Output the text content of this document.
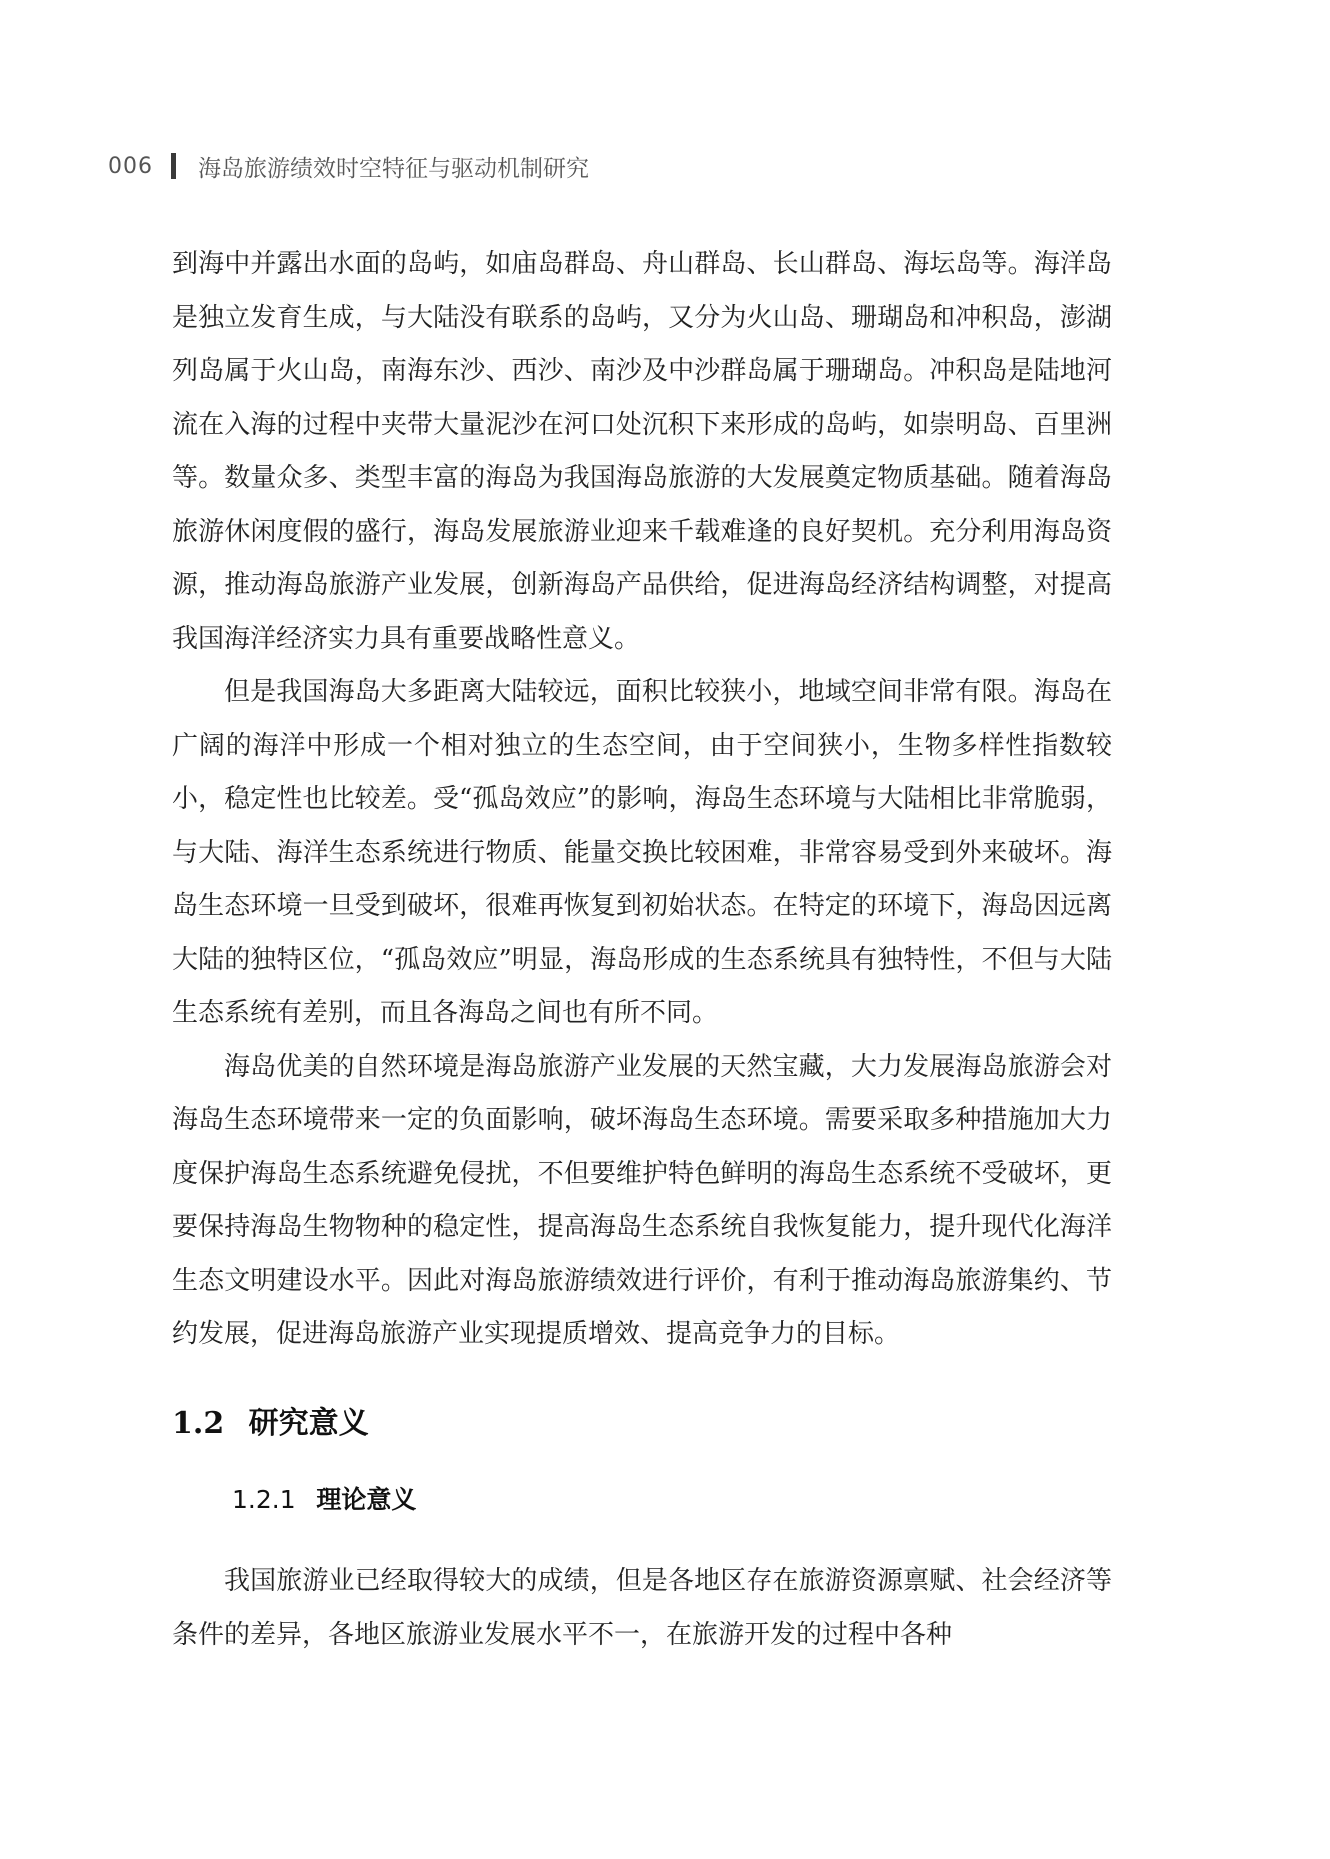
006 海岛旅游绩效时空特征与驱动机制研究

到海中并露出水面的岛屿，如庙岛群岛、舟山群岛、长山群岛、海坛岛等。海洋岛是独立发育生成，与大陆没有联系的岛屿，又分为火山岛、珊瑚岛和冲积岛，澎湖列岛属于火山岛，南海东沙、西沙、南沙及中沙群岛属于珊瑚岛。冲积岛是陆地河流在入海的过程中夹带大量泥沙在河口处沉积下来形成的岛屿，如崇明岛、百里洲等。数量众多、类型丰富的海岛为我国海岛旅游的大发展奠定物质基础。随着海岛旅游休闲度假的盛行，海岛发展旅游业迎来千载难逢的良好契机。充分利用海岛资源，推动海岛旅游产业发展，创新海岛产品供给，促进海岛经济结构调整，对提高我国海洋经济实力具有重要战略性意义。

但是我国海岛大多距离大陆较远，面积比较狭小，地域空间非常有限。海岛在广阔的海洋中形成一个相对独立的生态空间，由于空间狭小，生物多样性指数较小，稳定性也比较差。受“孤岛效应”的影响，海岛生态环境与大陆相比非常脆弱，与大陆、海洋生态系统进行物质、能量交换比较困难，非常容易受到外来破坏。海岛生态环境一旦受到破坏，很难再恢复到初始状态。在特定的环境下，海岛因远离大陆的独特区位，“孤岛效应”明显，海岛形成的生态系统具有独特性，不但与大陆生态系统有差别，而且各海岛之间也有所不同。

海岛优美的自然环境是海岛旅游产业发展的天然宝藏，大力发展海岛旅游会对海岛生态环境带来一定的负面影响，破坏海岛生态环境。需要采取多种措施加大力度保护海岛生态系统避免侵扰，不但要维护特色鲜明的海岛生态系统不受破坏，更要保持海岛生物物种的稳定性，提高海岛生态系统自我恢复能力，提升现代化海洋生态文明建设水平。因此对海岛旅游绩效进行评价，有利于推动海岛旅游集约、节约发展，促进海岛旅游产业实现提质增效、提高竞争力的目标。

1.2 研究意义
1.2.1 理论意义

我国旅游业已经取得较大的成绩，但是各地区存在旅游资源禀赋、社会经济等条件的差异，各地区旅游业发展水平不一，在旅游开发的过程中各种
